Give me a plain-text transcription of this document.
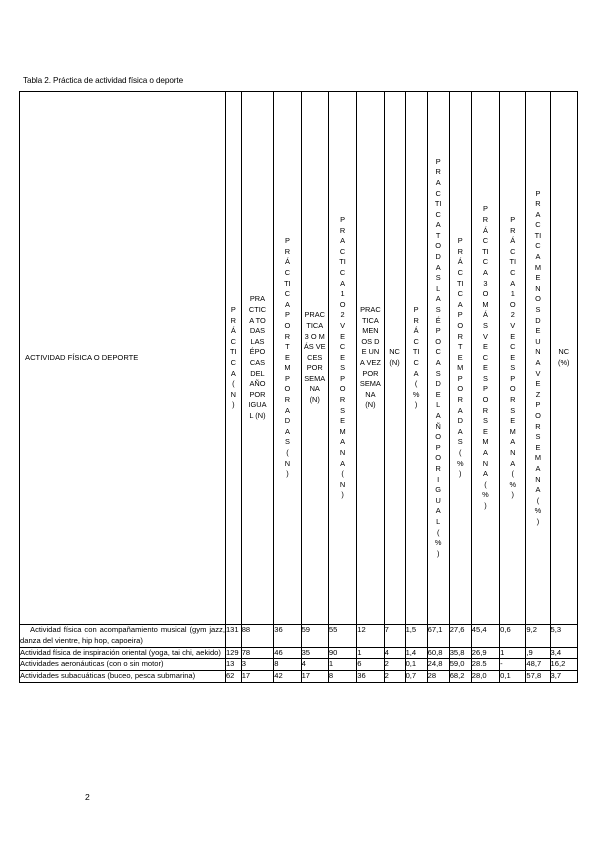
Tabla 2. Práctica de actividad física o deporte
ACTIVIDAD FÍSICA O DEPORTE	PRÁCTICA(N)	PRACTICA TODAS LAS ÉPOCAS DEL AÑO POR IGUAL (N)	PRÁCTICAPORTEMPORADAS(N)	PRACTICA 3 O MÁS VECES POR SEMANA (N)	PRACTICA1O2VECESPORSEMANA(N)	PRACTICA MENOS DE UNA VEZ POR SEMANA (N)	NC (N)	PRÁCTICA(%)	PRACTICATODASLASÉPOCASDELAÑOPORIGUAL(%)	PRÁCTICAPORTEMPORADAS(%)	PRÁCTICA3OMÁSVECESPORSEMANA(%)	PRÁCTICA1O2VECESPORSEMANA(%)	PRACTICAMENOSDEUNAVEZPORSEMANA(%)	NC (%)
Actividad física con acompañamiento musical (gym jazz, danza del vientre, hip hop, capoeira)	131	88	36	59	55	12	7	1,5	67,1	27,6	45,4	0,6	9,2	5,3
Actividad física de inspiración oriental (yoga, tai chi, aekido)	129	78	46	35	90	1	4	1,4	60,8	35,8	26,9	1	,9	3,4
Actividades aeronáuticas (con o sin motor)	13	3	8	4	1	6	2	0,1	24,8	59,0	28.5	-	48,7	16,2
Actividades subacuáticas (buceo, pesca submarina)	62	17	42	17	8	36	2	0,7	28	68,2	28,0	0,1	57,8	3,7
2
